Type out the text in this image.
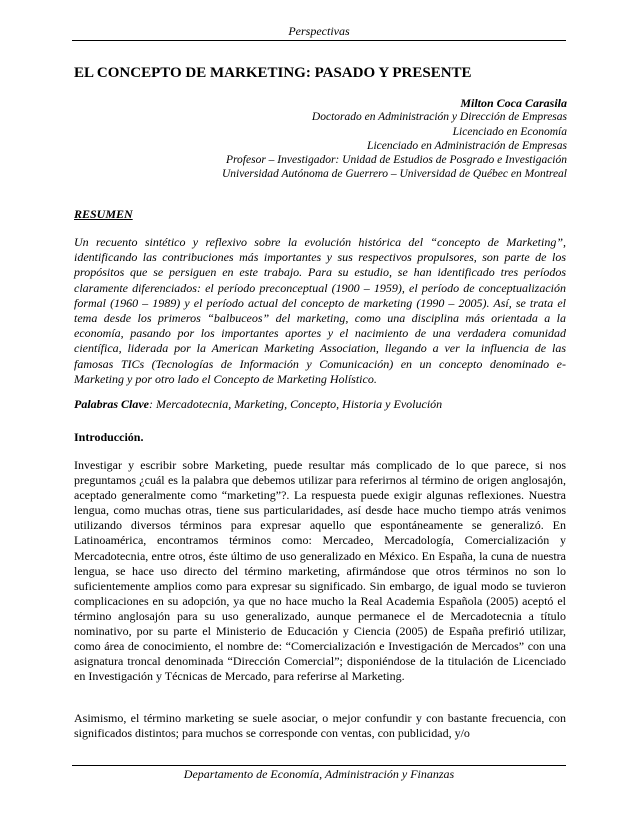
Perspectivas
EL CONCEPTO DE MARKETING: PASADO Y PRESENTE
Milton Coca Carasila
Doctorado en Administración y Dirección de Empresas
Licenciado en Economía
Licenciado en Administración de Empresas
Profesor – Investigador: Unidad de Estudios de Posgrado e Investigación
Universidad Autónoma de Guerrero – Universidad de Québec en Montreal
RESUMEN

Un recuento sintético y reflexivo sobre la evolución histórica del “concepto de Marketing”, identificando las contribuciones más importantes y sus respectivos propulsores, son parte de los propósitos que se persiguen en este trabajo. Para su estudio, se han identificado tres períodos claramente diferenciados: el período preconceptual (1900 – 1959), el período de conceptualización formal (1960 – 1989) y el período actual del concepto de marketing (1990 – 2005). Así, se trata el tema desde los primeros “balbuceos” del marketing, como una disciplina más orientada a la economía, pasando por los importantes aportes y el nacimiento de una verdadera comunidad científica, liderada por la American Marketing Association, llegando a ver la influencia de las famosas TICs (Tecnologías de Información y Comunicación) en un concepto denominado e-Marketing y por otro lado el Concepto de Marketing Holístico.

Palabras Clave: Mercadotecnia, Marketing, Concepto, Historia y Evolución
Introducción.

Investigar y escribir sobre Marketing, puede resultar más complicado de lo que parece, si nos preguntamos ¿cuál es la palabra que debemos utilizar para referirnos al término de origen anglosajón, aceptado generalmente como “marketing”?. La respuesta puede exigir algunas reflexiones. Nuestra lengua, como muchas otras, tiene sus particularidades, así desde hace mucho tiempo atrás venimos utilizando diversos términos para expresar aquello que espontáneamente se generalizó. En Latinoamérica, encontramos términos como: Mercadeo, Mercadología, Comercialización y Mercadotecnia, entre otros, éste último de uso generalizado en México. En España, la cuna de nuestra lengua, se hace uso directo del término marketing, afirmándose que otros términos no son lo suficientemente amplios como para expresar su significado. Sin embargo, de igual modo se tuvieron complicaciones en su adopción, ya que no hace mucho la Real Academia Española (2005) aceptó el término anglosajón para su uso generalizado, aunque permanece el de Mercadotecnia a título nominativo, por su parte el Ministerio de Educación y Ciencia (2005) de España prefirió utilizar, como área de conocimiento, el nombre de: “Comercialización e Investigación de Mercados” con una asignatura troncal denominada “Dirección Comercial”; disponiéndose de la titulación de Licenciado en Investigación y Técnicas de Mercado, para referirse al Marketing.

Asimismo, el término marketing se suele asociar, o mejor confundir y con bastante frecuencia, con significados distintos; para muchos se corresponde con ventas, con publicidad, y/o

Departamento de Economía, Administración y Finanzas
